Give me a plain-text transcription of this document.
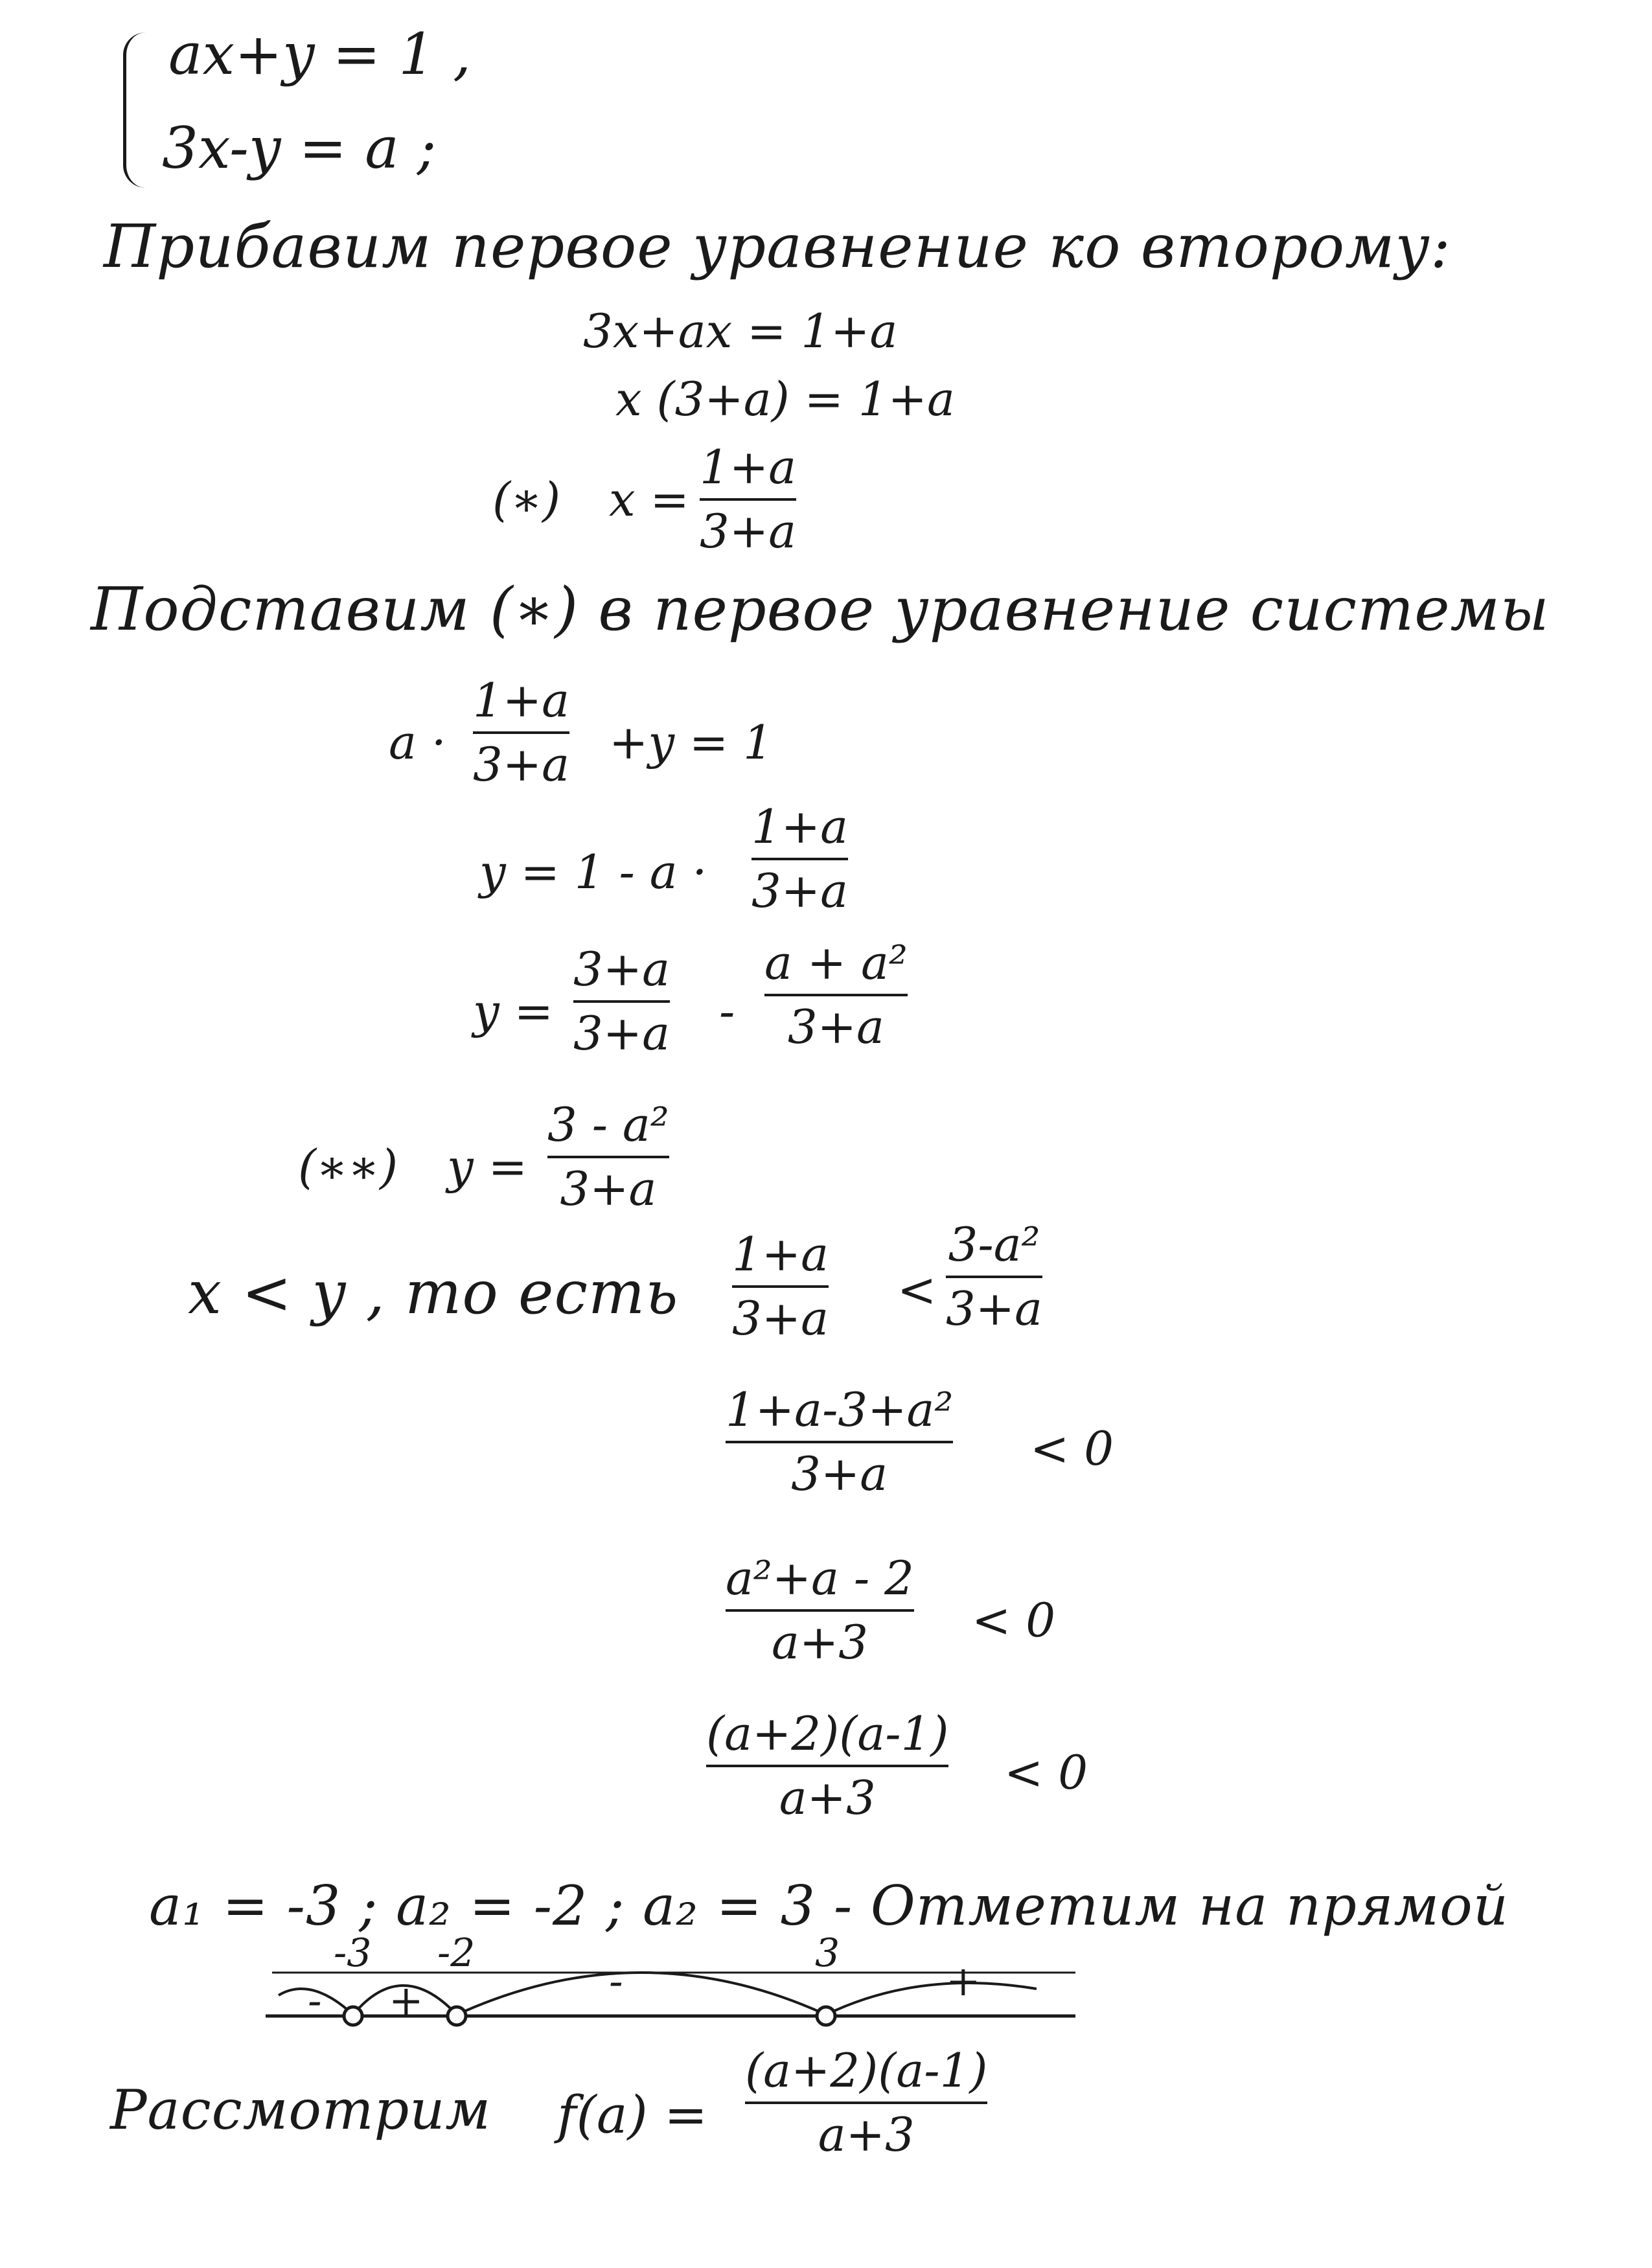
ax+y = 1 ,
3x-y = a ;
Прибавим первое уравнение ко второму:
3x+ax = 1+a
x (3+a) = 1+a
(∗) x =
1+a
3+a
Подставим (∗) в первое уравнение системы
a ·
1+a
3+a +y = 1
y = 1 - a ·
1+a
3+a
y =
3+a
3+a -
a + a²
3+a
(∗∗) y =
3 - a²
3+a
x < y , то есть
1+a
3+a
<
3-a²
3+a
1+a-3+a²
3+a	< 0
a²+a - 2
a+3 < 0
(a+2)(a-1)
a+3	< 0
a₁ = -3 ; a₂ = -2 ; a₂ = 3 - Отметим на прямой
-3 -2	3
- +	-	+
Рассмотрим f(a) =
(a+2)(a-1)
a+3
